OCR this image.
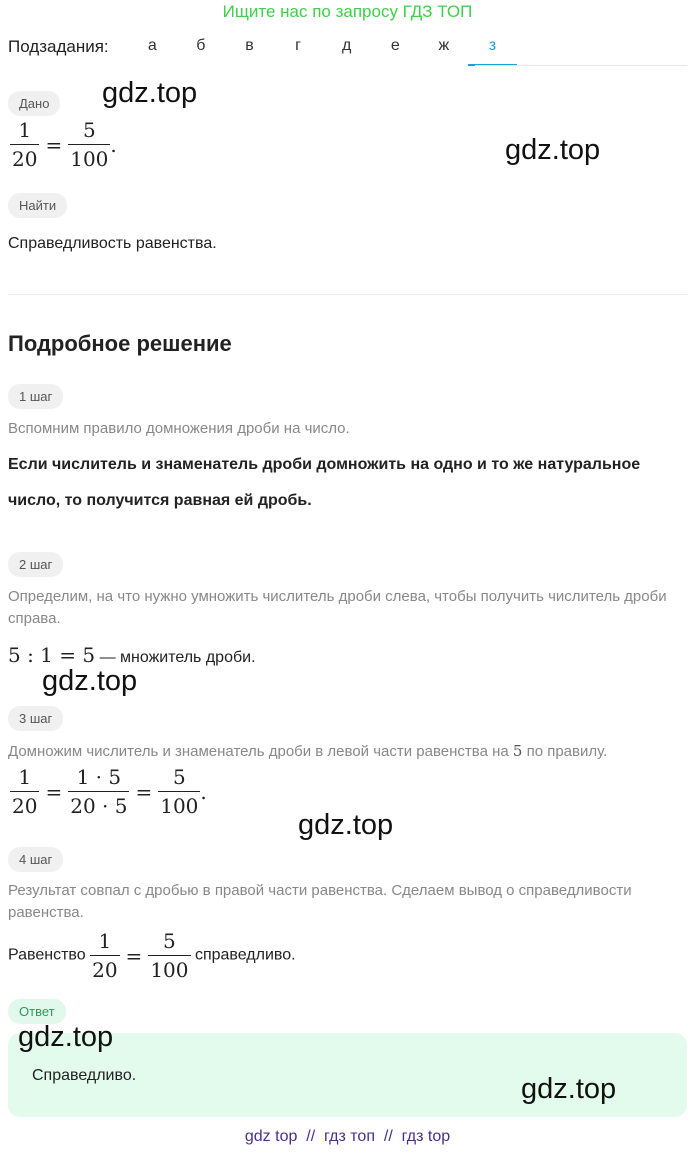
Ищите нас по запросу ГДЗ ТОП
Подзадания:	а	б	в	г	д	е	ж	з
Дано	gdz.top
$\frac{1}{20} = \frac{5}{100}$ .	gdz.top
Найти
Справедливость равенства.
Подробное решение
1 шаг
Вспомним правило домножения дроби на число.
Если числитель и знаменатель дроби домножить на одно и то же натуральное
число, то получится равная ей дробь.
2 шаг
Определим, на что нужно умножить числитель дроби слева, чтобы получить числитель дроби справа.
5 : 1 = 5 — множитель дроби.
gdz.top
3 шаг
Домножим числитель и знаменатель дроби в левой части равенства на 5 по правилу.
$\frac{1}{20} = \frac{1 \cdot 5}{20 \cdot 5} = \frac{5}{100}$ .
gdz.top
4 шаг
Результат совпал с дробью в правой части равенства. Сделаем вывод о справедливости равенства.
Равенство $\frac{1}{20} = \frac{5}{100}$ справедливо.
Ответ
Справедливо.
gdz.top
gdz.top
gdz top  //  гдз топ  //  гдз top
